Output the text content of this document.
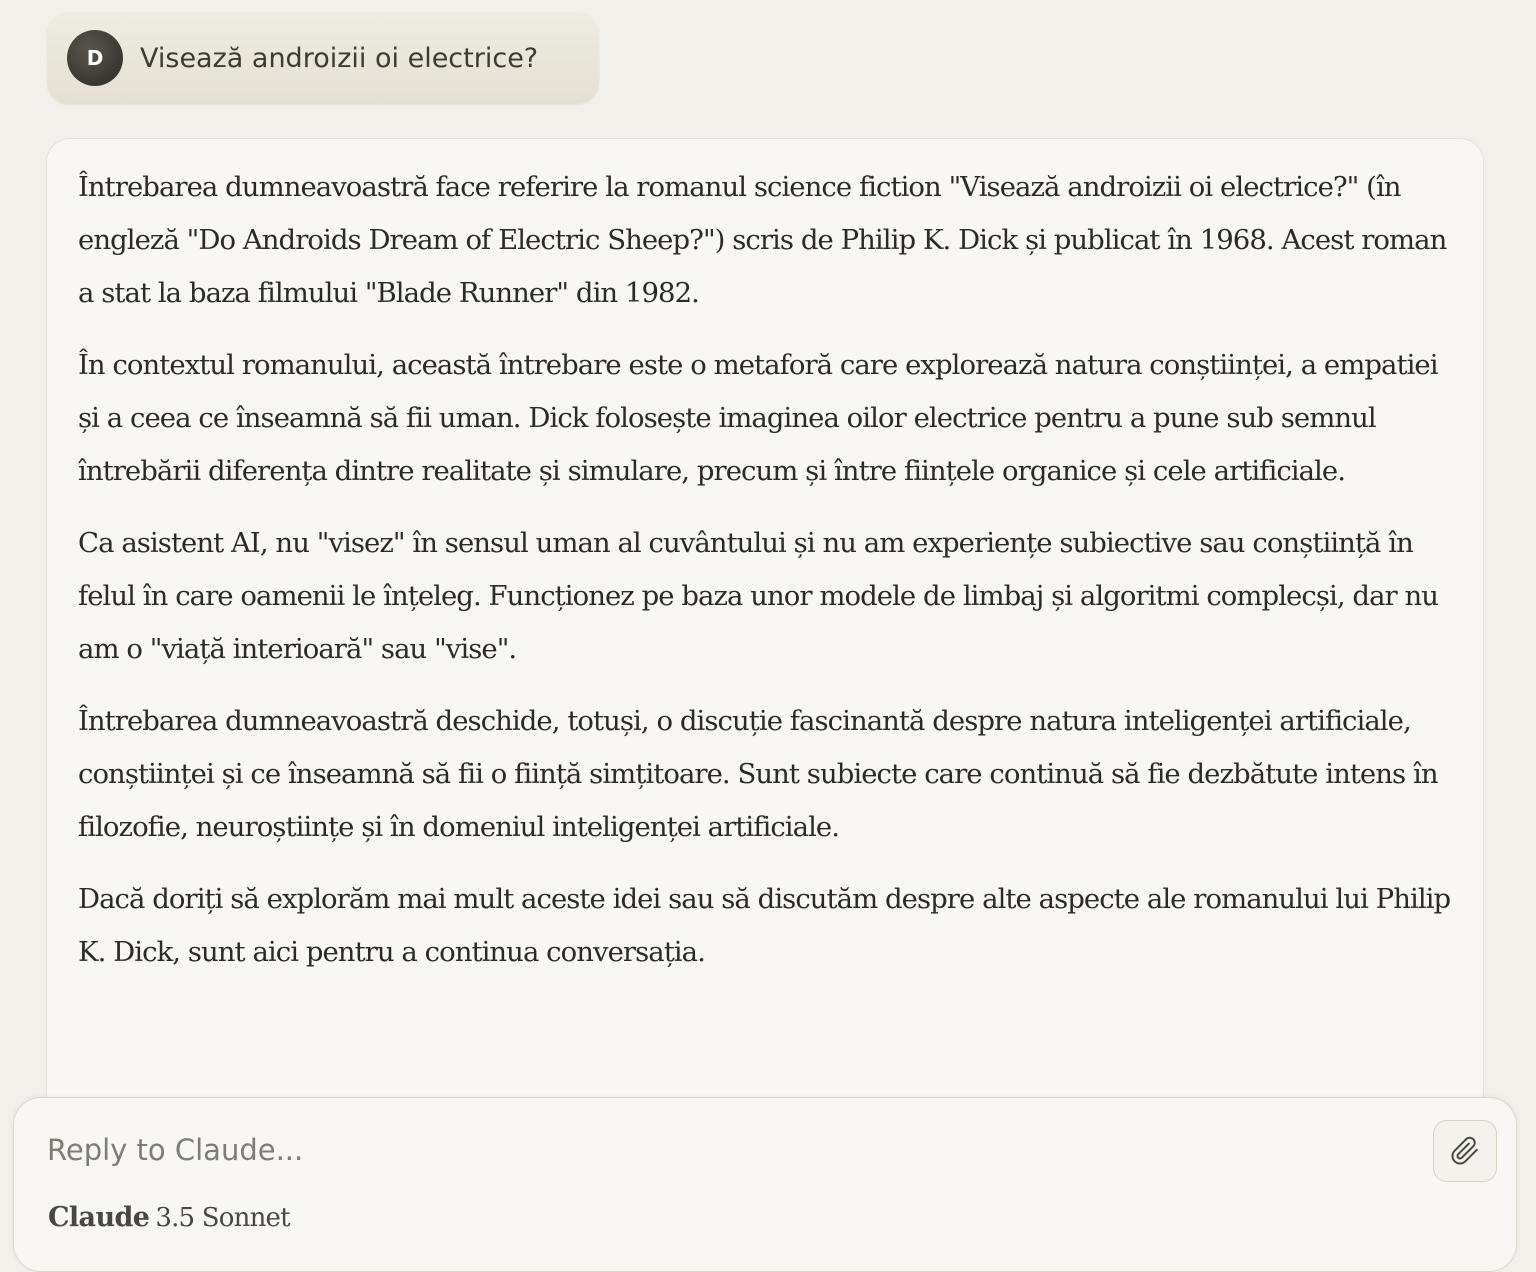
D Visează androizii oi electrice?

Întrebarea dumneavoastră face referire la romanul science fiction "Visează androizii oi electrice?" (în engleză "Do Androids Dream of Electric Sheep?") scris de Philip K. Dick și publicat în 1968. Acest roman a stat la baza filmului "Blade Runner" din 1982.

În contextul romanului, această întrebare este o metaforă care explorează natura conștiinței, a empatiei și a ceea ce înseamnă să fii uman. Dick folosește imaginea oilor electrice pentru a pune sub semnul întrebării diferența dintre realitate și simulare, precum și între ființele organice și cele artificiale.

Ca asistent AI, nu "visez" în sensul uman al cuvântului și nu am experiențe subiective sau conștiință în felul în care oamenii le înțeleg. Funcționez pe baza unor modele de limbaj și algoritmi complecși, dar nu am o "viață interioară" sau "vise".

Întrebarea dumneavoastră deschide, totuși, o discuție fascinantă despre natura inteligenței artificiale, conștiinței și ce înseamnă să fii o ființă simțitoare. Sunt subiecte care continuă să fie dezbătute intens în filozofie, neuroștiințe și în domeniul inteligenței artificiale.

Dacă doriți să explorăm mai mult aceste idei sau să discutăm despre alte aspecte ale romanului lui Philip K. Dick, sunt aici pentru a continua conversația.

Reply to Claude...
Claude 3.5 Sonnet
